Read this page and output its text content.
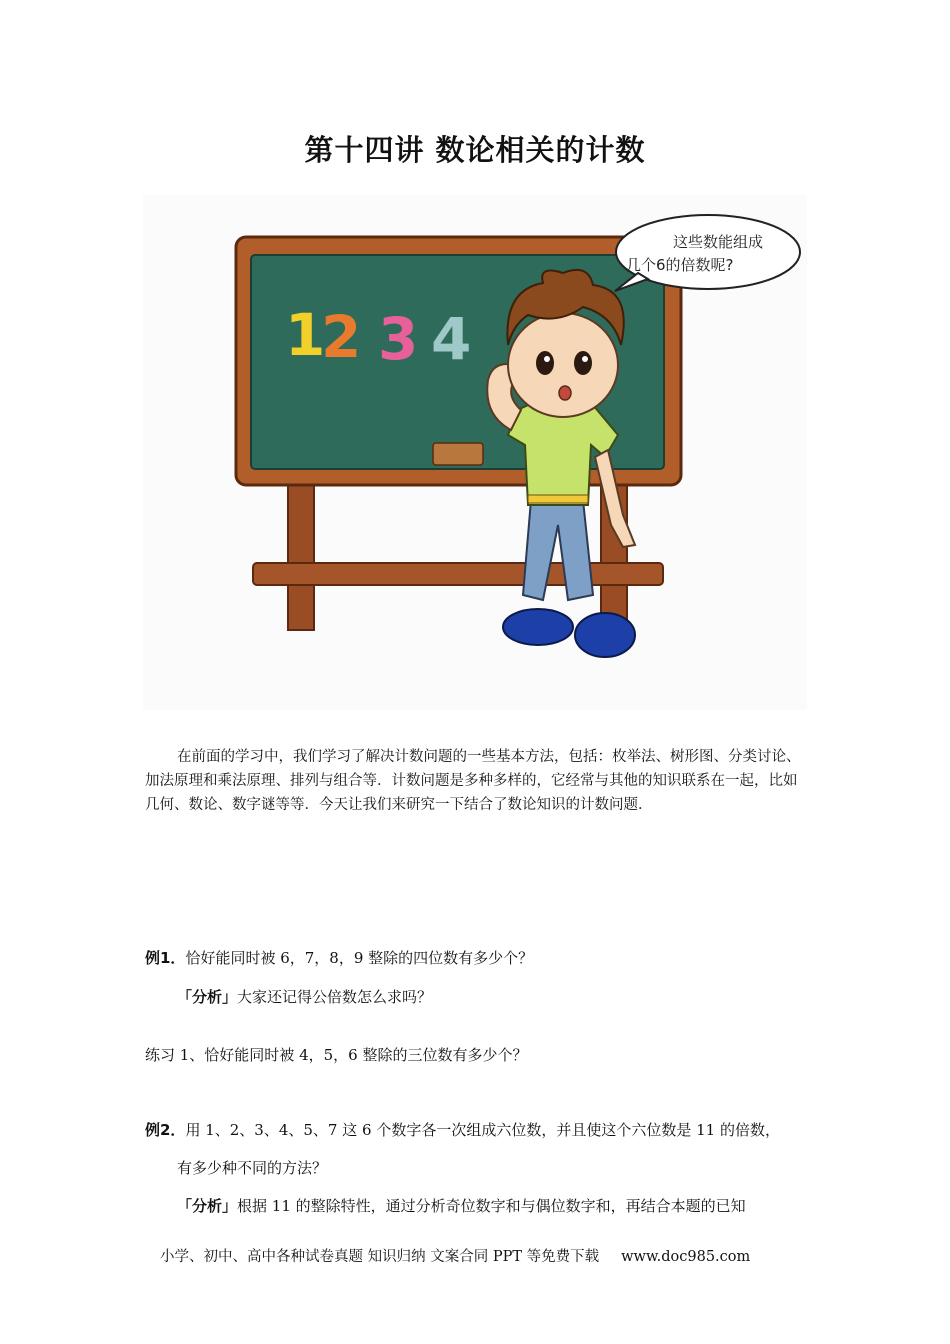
第十四讲 数论相关的计数
1
2 3 4
这些数能组成
几个6的倍数呢?

在前面的学习中，我们学习了解决计数问题的一些基本方法，包括：枚举法、树形图、分类讨论、加法原理和乘法原理、排列与组合等．计数问题是多种多样的，它经常与其他的知识联系在一起，比如几何、数论、数字谜等等．今天让我们来研究一下结合了数论知识的计数问题．

例1．恰好能同时被 6，7，8，9 整除的四位数有多少个？
「分析」大家还记得公倍数怎么求吗？
练习 1、恰好能同时被 4，5，6 整除的三位数有多少个？
例2．用 1、2、3、4、5、7 这 6 个数字各一次组成六位数，并且使这个六位数是 11 的倍数，
有多少种不同的方法？
「分析」根据 11 的整除特性，通过分析奇位数字和与偶位数字和，再结合本题的已知
小学、初中、高中各种试卷真题 知识归纳 文案合同 PPT 等免费下载 www.doc985.com
